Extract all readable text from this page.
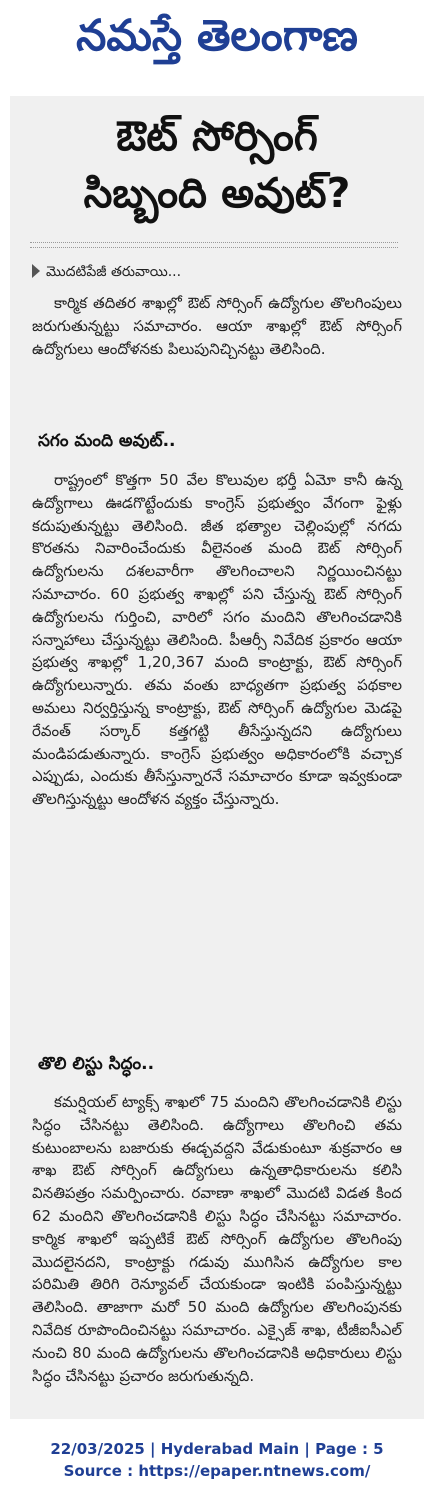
నమస్తే తెలంగాణ
ఔట్ సోర్సింగ్
సిబ్బంది అవుట్?
మొదటిపేజీ తరువాయి...

కార్మిక తదితర శాఖల్లో ఔట్ సోర్సింగ్ ఉద్యోగుల తొలగింపులు జరుగుతున్నట్టు సమాచారం. ఆయా శాఖల్లో ఔట్ సోర్సింగ్ ఉద్యోగులు ఆందోళనకు పిలుపునిచ్చినట్టు తెలిసింది.

సగం మంది అవుట్..

రాష్ట్రంలో కొత్తగా 50 వేల కొలువుల భర్తీ ఏమో కానీ ఉన్న ఉద్యోగాలు ఊడగొట్టేందుకు కాంగ్రెస్ ప్రభుత్వం వేగంగా ఫైళ్లు కదుపుతున్నట్టు తెలిసింది. జీత భత్యాల చెల్లింపుల్లో నగదు కొరతను నివారించేందుకు వీలైనంత మంది ఔట్ సోర్సింగ్ ఉద్యోగులను దశలవారీగా తొలగించాలని నిర్ణయించినట్టు సమాచారం. 60 ప్రభుత్వ శాఖల్లో పని చేస్తున్న ఔట్ సోర్సింగ్ ఉద్యోగులను గుర్తించి, వారిలో సగం మందిని తొలగించడానికి సన్నాహాలు చేస్తున్నట్టు తెలిసింది. పీఆర్సీ నివేదిక ప్రకారం ఆయా ప్రభుత్వ శాఖల్లో 1,20,367 మంది కాంట్రాక్టు, ఔట్ సోర్సింగ్ ఉద్యోగులున్నారు. తమ వంతు బాధ్యతగా ప్రభుత్వ పథకాల అమలు నిర్వర్తిస్తున్న కాంట్రాక్టు, ఔట్ సోర్సింగ్ ఉద్యోగుల మెడపై రేవంత్ సర్కార్ కత్తగట్టి తీసేస్తున్నదని ఉద్యోగులు మండిపడుతున్నారు. కాంగ్రెస్ ప్రభుత్వం అధికారంలోకి వచ్చాక ఎప్పుడు, ఎందుకు తీసేస్తున్నారనే సమాచారం కూడా ఇవ్వకుండా తొలగిస్తున్నట్టు ఆందోళన వ్యక్తం చేస్తున్నారు.

తొలి లిస్టు సిద్ధం..

కమర్షియల్ ట్యాక్స్ శాఖలో 75 మందిని తొలగించడానికి లిస్టు సిద్ధం చేసినట్టు తెలిసింది. ఉద్యోగాలు తొలగించి తమ కుటుంబాలను బజారుకు ఈడ్చవద్దని వేడుకుంటూ శుక్రవారం ఆ శాఖ ఔట్ సోర్సింగ్ ఉద్యోగులు ఉన్నతాధికారులను కలిసి వినతిపత్రం సమర్పించారు. రవాణా శాఖలో మొదటి విడత కింద 62 మందిని తొలగించడానికి లిస్టు సిద్ధం చేసినట్టు సమాచారం. కార్మిక శాఖలో ఇప్పటికే ఔట్ సోర్సింగ్ ఉద్యోగుల తొలగింపు మొదలైనదని, కాంట్రాక్టు గడువు ముగిసిన ఉద్యోగుల కాల పరిమితి తిరిగి రెన్యూవల్ చేయకుండా ఇంటికి పంపిస్తున్నట్టు తెలిసింది. తాజాగా మరో 50 మంది ఉద్యోగుల తొలగింపునకు నివేదిక రూపొందించినట్టు సమాచారం. ఎక్సైజ్ శాఖ, టీజీఐసీఎల్ నుంచి 80 మంది ఉద్యోగులను తొలగించడానికి అధికారులు లిస్టు సిద్ధం చేసినట్టు ప్రచారం జరుగుతున్నది.

22/03/2025 | Hyderabad Main | Page : 5
Source : https://epaper.ntnews.com/
